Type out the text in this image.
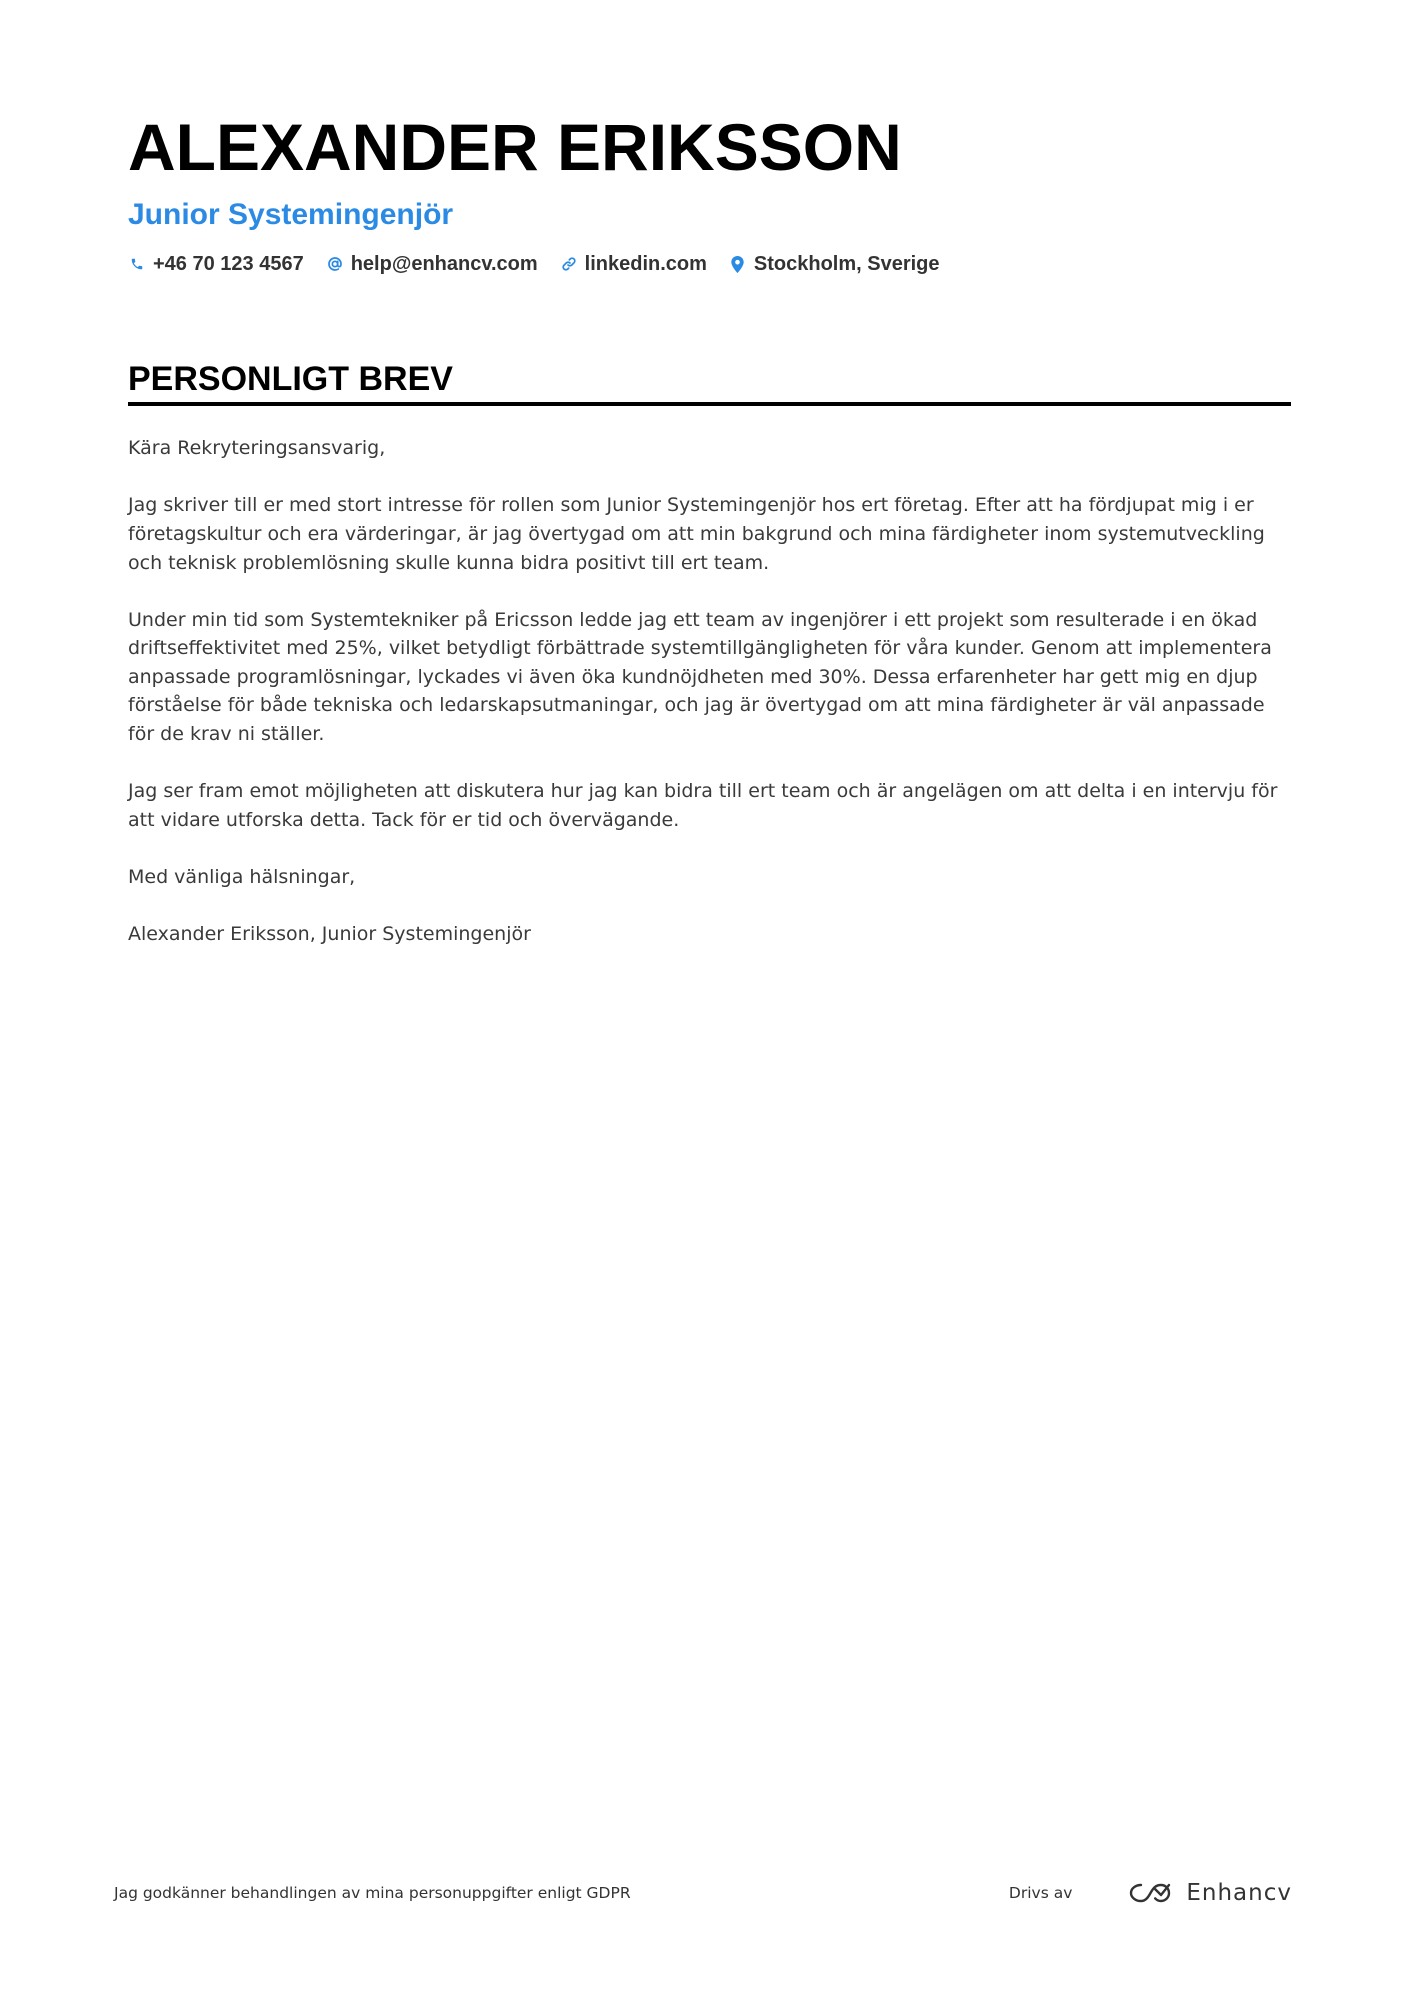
ALEXANDER ERIKSSON
Junior Systemingenjör
+46 70 123 4567 help@enhancv.com linkedin.com Stockholm, Sverige
PERSONLIGT BREV

Kära Rekryteringsansvarig,

Jag skriver till er med stort intresse för rollen som Junior Systemingenjör hos ert företag. Efter att ha fördjupat mig i er företagskultur och era värderingar, är jag övertygad om att min bakgrund och mina färdigheter inom systemutveckling och teknisk problemlösning skulle kunna bidra positivt till ert team.

Under min tid som Systemtekniker på Ericsson ledde jag ett team av ingenjörer i ett projekt som resulterade i en ökad driftseffektivitet med 25%, vilket betydligt förbättrade systemtillgängligheten för våra kunder. Genom att implementera anpassade programlösningar, lyckades vi även öka kundnöjdheten med 30%. Dessa erfarenheter har gett mig en djup förståelse för både tekniska och ledarskapsutmaningar, och jag är övertygad om att mina färdigheter är väl anpassade för de krav ni ställer.

Jag ser fram emot möjligheten att diskutera hur jag kan bidra till ert team och är angelägen om att delta i en intervju för att vidare utforska detta. Tack för er tid och övervägande.

Med vänliga hälsningar,

Alexander Eriksson, Junior Systemingenjör

Jag godkänner behandlingen av mina personuppgifter enligt GDPR	Drivs av	Enhancv
